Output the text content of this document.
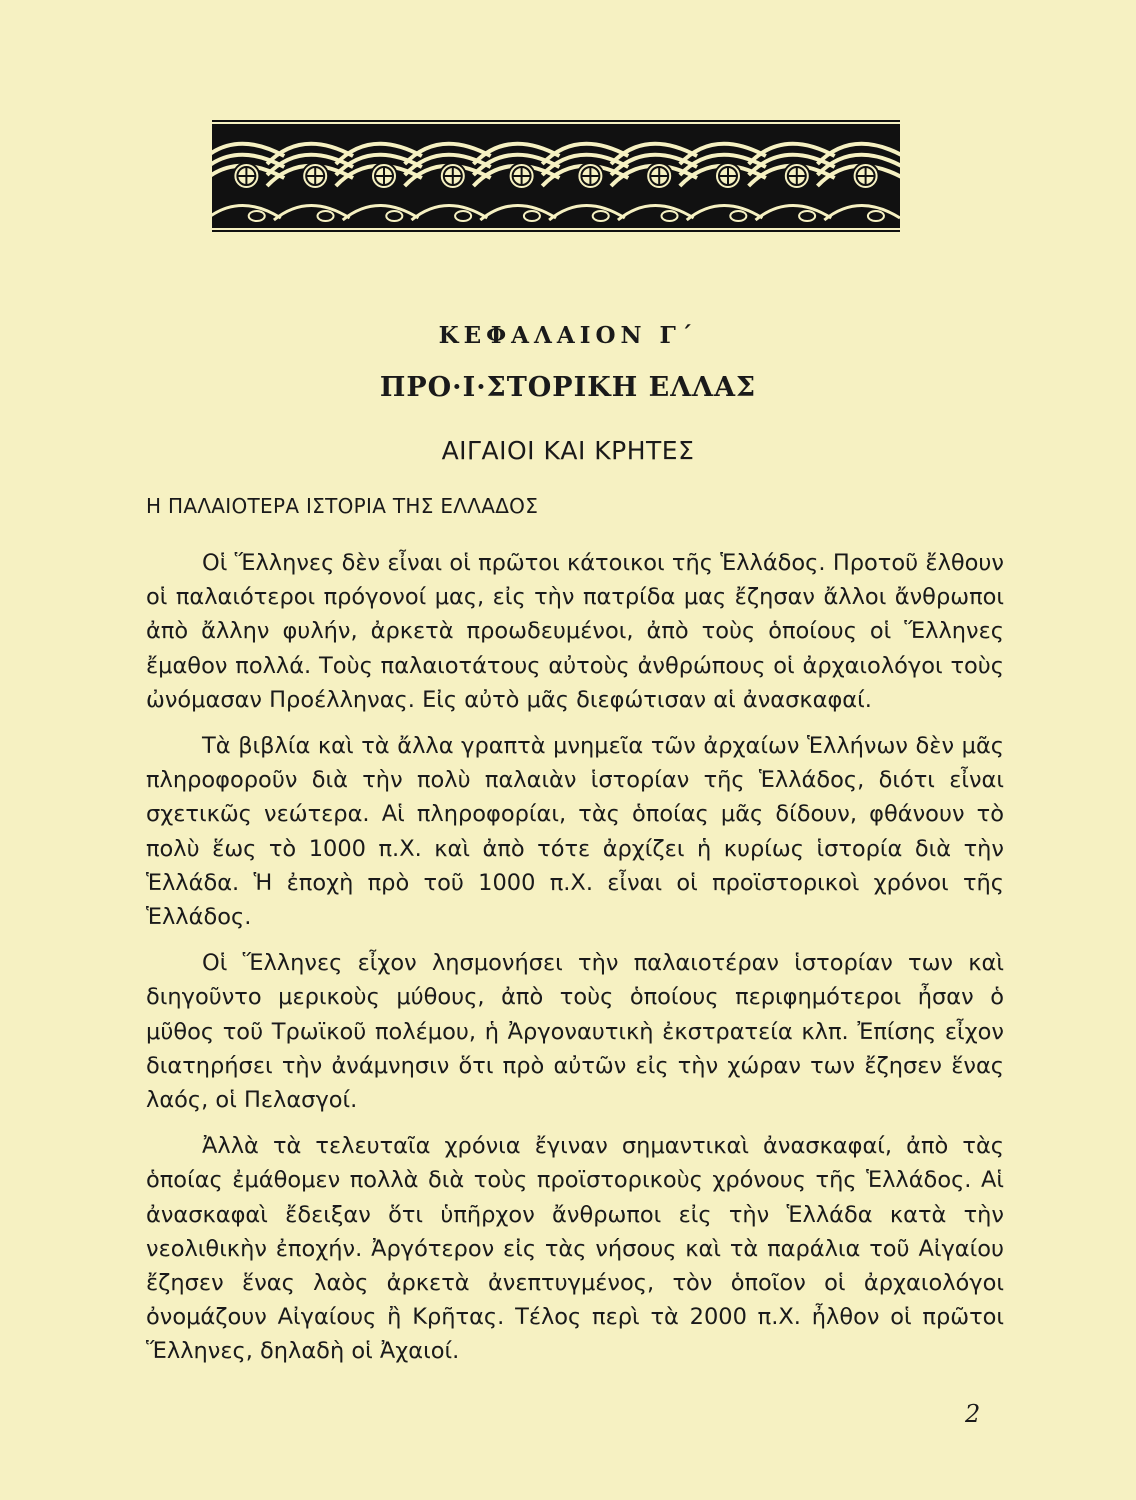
ΚΕΦΑΛΑΙΟΝ Γ΄
ΠΡΟ·Ι·ΣΤΟΡΙΚΗ ΕΛΛΑΣ
ΑΙΓΑΙΟΙ ΚΑΙ ΚΡΗΤΕΣ
Η ΠΑΛΑΙΟΤΕΡΑ ΙΣΤΟΡΙΑ ΤΗΣ ΕΛΛΑΔΟΣ

Οἱ Ἕλληνες δὲν εἶναι οἱ πρῶτοι κάτοικοι τῆς Ἑλλάδος. Προτοῦ ἔλθουν οἱ παλαιότεροι πρόγονοί μας, εἰς τὴν πατρίδα μας ἔζησαν ἄλλοι ἄνθρωποι ἀπὸ ἄλλην φυλήν, ἀρκετὰ προωδευμένοι, ἀπὸ τοὺς ὁποίους οἱ Ἕλληνες ἔμαθον πολλά. Τοὺς παλαιοτάτους αὐτοὺς ἀνθρώπους οἱ ἀρχαιολόγοι τοὺς ὠνόμασαν Προέλληνας. Εἰς αὐτὸ μᾶς διεφώτισαν αἱ ἀνασκαφαί.

Τὰ βιβλία καὶ τὰ ἄλλα γραπτὰ μνημεῖα τῶν ἀρχαίων Ἑλλήνων δὲν μᾶς πληροφοροῦν διὰ τὴν πολὺ παλαιὰν ἱστορίαν τῆς Ἑλλάδος, διότι εἶναι σχετικῶς νεώτερα. Αἱ πληροφορίαι, τὰς ὁποίας μᾶς δίδουν, φθάνουν τὸ πολὺ ἕως τὸ 1000 π.Χ. καὶ ἀπὸ τότε ἀρχίζει ἡ κυρίως ἱστορία διὰ τὴν Ἑλλάδα. Ἡ ἐποχὴ πρὸ τοῦ 1000 π.Χ. εἶναι οἱ προϊστορικοὶ χρόνοι τῆς Ἑλλάδος.

Οἱ Ἕλληνες εἶχον λησμονήσει τὴν παλαιοτέραν ἱστορίαν των καὶ διηγοῦντο μερικοὺς μύθους, ἀπὸ τοὺς ὁποίους περιφημότεροι ἦσαν ὁ μῦθος τοῦ Τρωϊκοῦ πολέμου, ἡ Ἀργοναυτικὴ ἐκστρατεία κλπ. Ἐπίσης εἶχον διατηρήσει τὴν ἀνάμνησιν ὅτι πρὸ αὐτῶν εἰς τὴν χώραν των ἔζησεν ἕνας λαός, οἱ Πελασγοί.

Ἀλλὰ τὰ τελευταῖα χρόνια ἔγιναν σημαντικαὶ ἀνασκαφαί, ἀπὸ τὰς ὁποίας ἐμάθομεν πολλὰ διὰ τοὺς προϊστορικοὺς χρόνους τῆς Ἑλλάδος. Αἱ ἀνασκαφαὶ ἔδειξαν ὅτι ὑπῆρχον ἄνθρωποι εἰς τὴν Ἑλλάδα κατὰ τὴν νεολιθικὴν ἐποχήν. Ἀργότερον εἰς τὰς νήσους καὶ τὰ παράλια τοῦ Αἰγαίου ἔζησεν ἕνας λαὸς ἀρκετὰ ἀνεπτυγμένος, τὸν ὁποῖον οἱ ἀρχαιολόγοι ὀνομάζουν Αἰγαίους ἢ Κρῆτας. Τέλος περὶ τὰ 2000 π.Χ. ἦλθον οἱ πρῶτοι Ἕλληνες, δηλαδὴ οἱ Ἀχαιοί.

2
